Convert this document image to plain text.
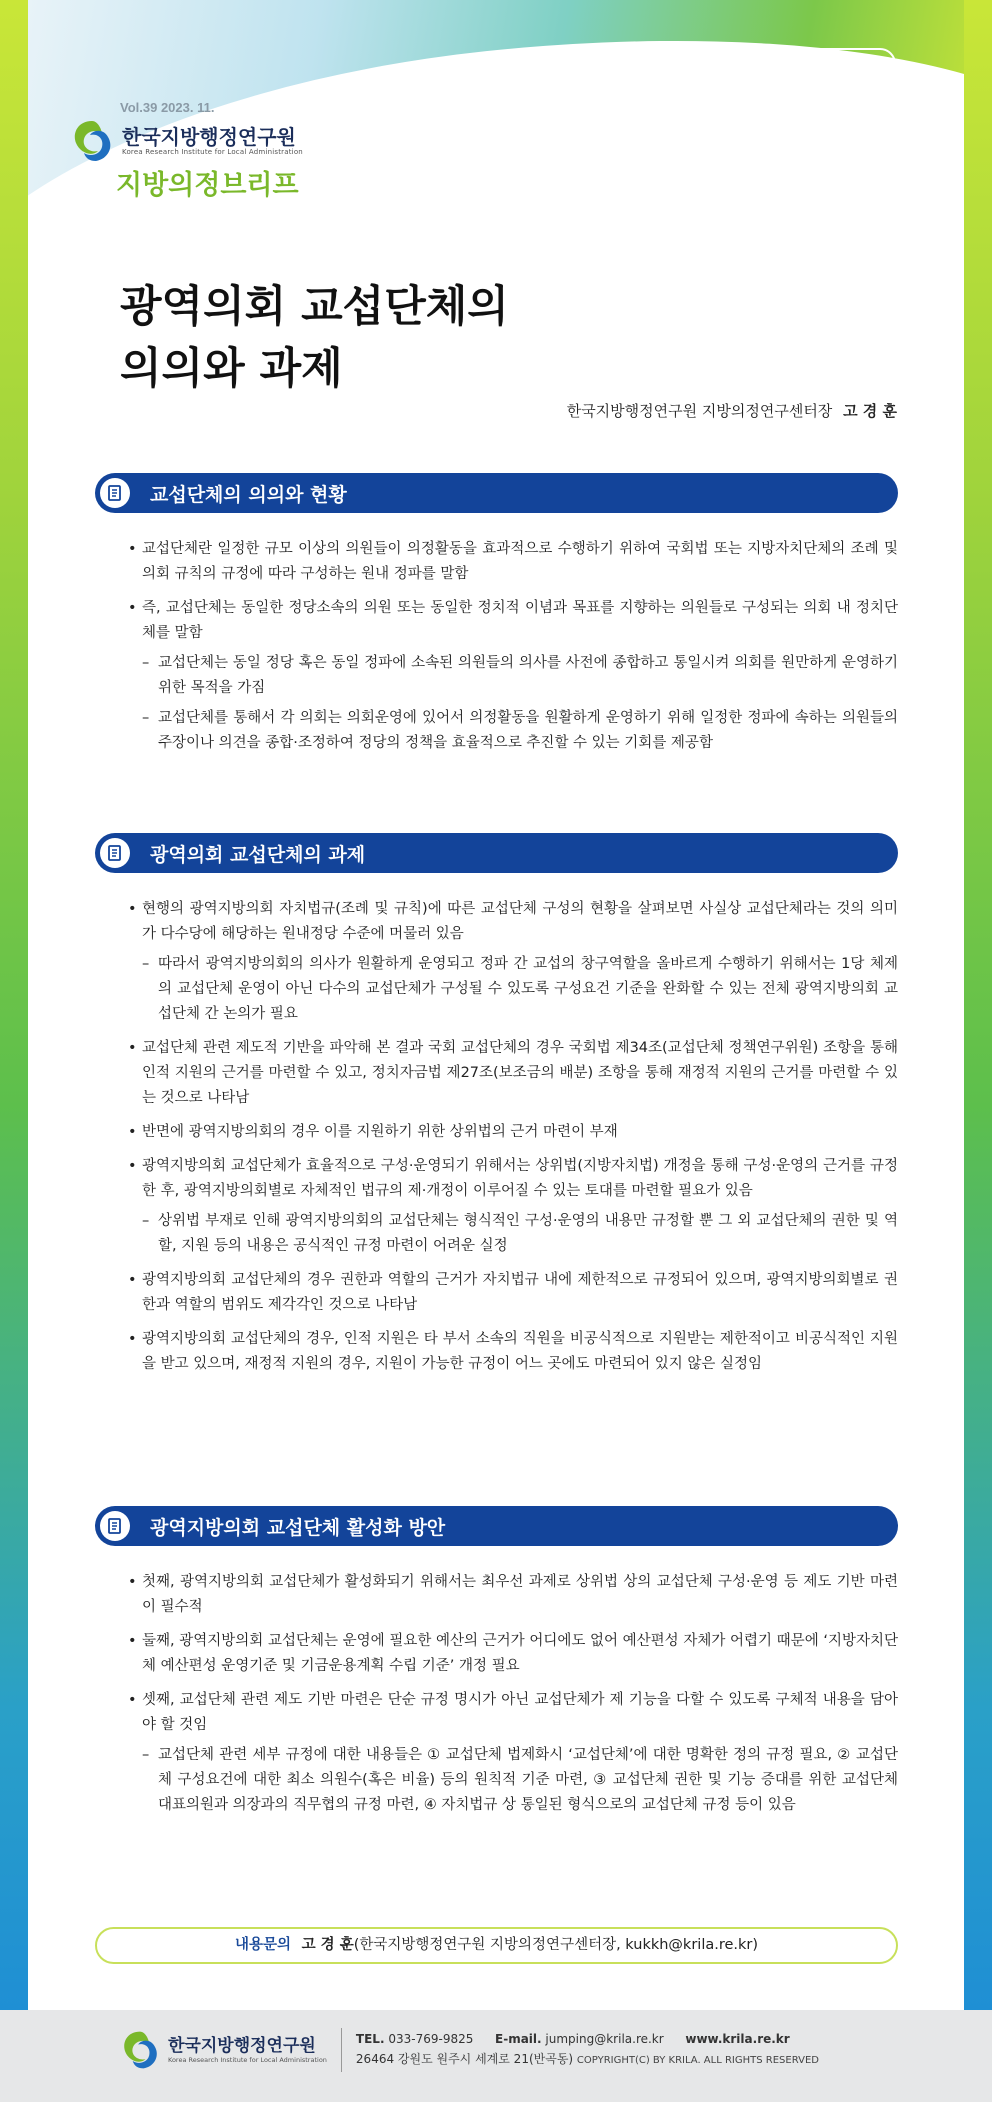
제39호
Vol.39 2023. 11.
한국지방행정연구원
Korea Research Institute for Local Administration
지방의정브리프
광역의회 교섭단체의
의의와 과제
한국지방행정연구원 지방의정연구센터장 고 경 훈
교섭단체의 의의와 현황
• 교섭단체란 일정한 규모 이상의 의원들이 의정활동을 효과적으로 수행하기 위하여 국회법 또는 지방자치단체의 조례 및 의회 규칙의 규정에 따라 구성하는 원내 정파를 말함
• 즉, 교섭단체는 동일한 정당소속의 의원 또는 동일한 정치적 이념과 목표를 지향하는 의원들로 구성되는 의회 내 정치단체를 말함
– 교섭단체는 동일 정당 혹은 동일 정파에 소속된 의원들의 의사를 사전에 종합하고 통일시켜 의회를 원만하게 운영하기 위한 목적을 가짐
– 교섭단체를 통해서 각 의회는 의회운영에 있어서 의정활동을 원활하게 운영하기 위해 일정한 정파에 속하는 의원들의 주장이나 의견을 종합·조정하여 정당의 정책을 효율적으로 추진할 수 있는 기회를 제공함
광역의회 교섭단체의 과제
• 현행의 광역지방의회 자치법규(조례 및 규칙)에 따른 교섭단체 구성의 현황을 살펴보면 사실상 교섭단체라는 것의 의미가 다수당에 해당하는 원내정당 수준에 머물러 있음
– 따라서 광역지방의회의 의사가 원활하게 운영되고 정파 간 교섭의 창구역할을 올바르게 수행하기 위해서는 1당 체제의 교섭단체 운영이 아닌 다수의 교섭단체가 구성될 수 있도록 구성요건 기준을 완화할 수 있는 전체 광역지방의회 교섭단체 간 논의가 필요
• 교섭단체 관련 제도적 기반을 파악해 본 결과 국회 교섭단체의 경우 국회법 제34조(교섭단체 정책연구위원) 조항을 통해 인적 지원의 근거를 마련할 수 있고, 정치자금법 제27조(보조금의 배분) 조항을 통해 재정적 지원의 근거를 마련할 수 있는 것으로 나타남
• 반면에 광역지방의회의 경우 이를 지원하기 위한 상위법의 근거 마련이 부재
• 광역지방의회 교섭단체가 효율적으로 구성·운영되기 위해서는 상위법(지방자치법) 개정을 통해 구성·운영의 근거를 규정한 후, 광역지방의회별로 자체적인 법규의 제·개정이 이루어질 수 있는 토대를 마련할 필요가 있음
– 상위법 부재로 인해 광역지방의회의 교섭단체는 형식적인 구성·운영의 내용만 규정할 뿐 그 외 교섭단체의 권한 및 역할, 지원 등의 내용은 공식적인 규정 마련이 어려운 실정
• 광역지방의회 교섭단체의 경우 권한과 역할의 근거가 자치법규 내에 제한적으로 규정되어 있으며, 광역지방의회별로 권한과 역할의 범위도 제각각인 것으로 나타남
• 광역지방의회 교섭단체의 경우, 인적 지원은 타 부서 소속의 직원을 비공식적으로 지원받는 제한적이고 비공식적인 지원을 받고 있으며, 재정적 지원의 경우, 지원이 가능한 규정이 어느 곳에도 마련되어 있지 않은 실정임
광역지방의회 교섭단체 활성화 방안
• 첫째, 광역지방의회 교섭단체가 활성화되기 위해서는 최우선 과제로 상위법 상의 교섭단체 구성·운영 등 제도 기반 마련이 필수적
• 둘째, 광역지방의회 교섭단체는 운영에 필요한 예산의 근거가 어디에도 없어 예산편성 자체가 어렵기 때문에 ‘지방자치단체 예산편성 운영기준 및 기금운용계획 수립 기준’ 개정 필요
• 셋째, 교섭단체 관련 제도 기반 마련은 단순 규정 명시가 아닌 교섭단체가 제 기능을 다할 수 있도록 구체적 내용을 담아야 할 것임
– 교섭단체 관련 세부 규정에 대한 내용들은 ① 교섭단체 법제화시 ‘교섭단체’에 대한 명확한 정의 규정 필요, ② 교섭단체 구성요건에 대한 최소 의원수(혹은 비율) 등의 원칙적 기준 마련, ③ 교섭단체 권한 및 기능 증대를 위한 교섭단체 대표의원과 의장과의 직무협의 규정 마련, ④ 자치법규 상 통일된 형식으로의 교섭단체 규정 등이 있음
내용문의 고 경 훈(한국지방행정연구원 지방의정연구센터장, kukkh@krila.re.kr)
한국지방행정연구원
Korea Research Institute for Local Administration
TEL. 033-769-9825 E-mail. jumping@krila.re.kr www.krila.re.kr
26464 강원도 원주시 세계로 21(반곡동) COPYRIGHT(C) BY KRILA. ALL RIGHTS RESERVED
